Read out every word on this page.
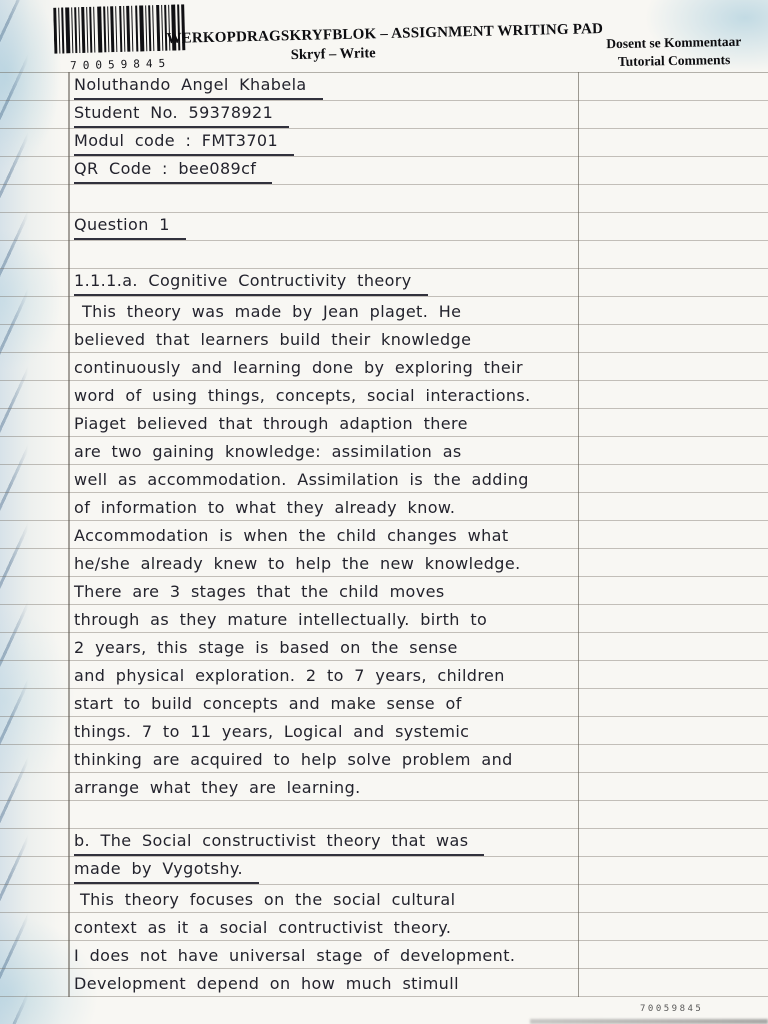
70059845
WERKOPDRAGSKRYFBLOK – ASSIGNMENT WRITING PAD
Skryf – Write
Dosent se Kommentaar
Tutorial Comments
Noluthando Angel Khabela
Student No. 59378921
Modul code : FMT3701
QR Code : bee089cf
Question 1
1.1.1.a. Cognitive Contructivity theory
This theory was made by Jean plaget. He
believed that learners build their knowledge
continuously and learning done by exploring their
word of using things, concepts, social interactions.
Piaget believed that through adaption there
are two gaining knowledge: assimilation as
well as accommodation. Assimilation is the adding
of information to what they already know.
Accommodation is when the child changes what
he/she already knew to help the new knowledge.
There are 3 stages that the child moves
through as they mature intellectually. birth to
2 years, this stage is based on the sense
and physical exploration. 2 to 7 years, children
start to build concepts and make sense of
things. 7 to 11 years, Logical and systemic
thinking are acquired to help solve problem and
arrange what they are learning.
b. The Social constructivist theory that was
made by Vygotshy.
This theory focuses on the social cultural
context as it a social contructivist theory.
I does not have universal stage of development.
Development depend on how much stimull
70059845
